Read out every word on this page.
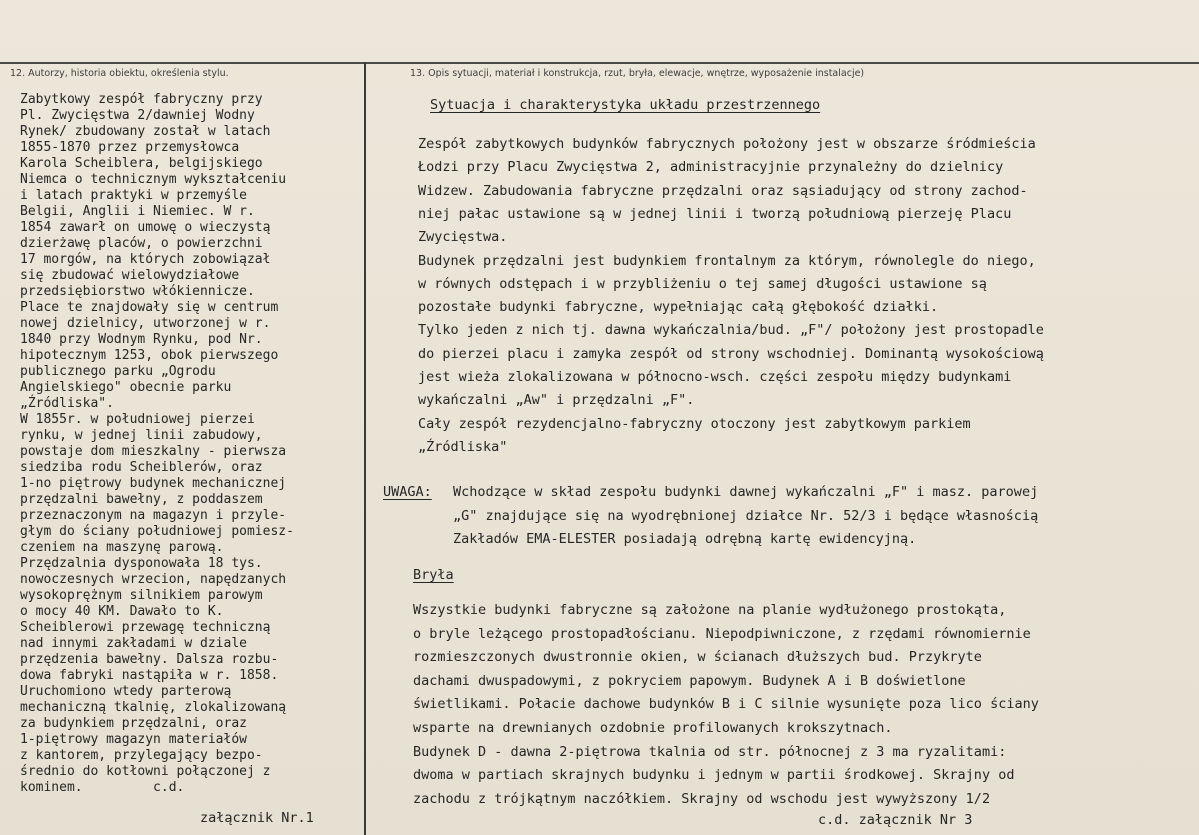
12. Autorzy, historia obiektu, określenia stylu.	13. Opis sytuacji, materiał i konstrukcja, rzut, bryła, elewacje, wnętrze, wyposażenie instalacje)
Zabytkowy zespół fabryczny przy
Pl. Zwycięstwa 2/dawniej Wodny
Rynek/ zbudowany został w latach
1855-1870 przez przemysłowca
Karola Scheiblera, belgijskiego
Niemca o technicznym wykształceniu
i latach praktyki w przemyśle
Belgii, Anglii i Niemiec. W r.
1854 zawarł on umowę o wieczystą
dzierżawę placów, o powierzchni
17 morgów, na których zobowiązał
się zbudować wielowydziałowe
przedsiębiorstwo włókiennicze.
Place te znajdowały się w centrum
nowej dzielnicy, utworzonej w r.
1840 przy Wodnym Rynku, pod Nr.
hipotecznym 1253, obok pierwszego
publicznego parku „Ogrodu
Angielskiego" obecnie parku
„Źródliska".
W 1855r. w południowej pierzei
rynku, w jednej linii zabudowy,
powstaje dom mieszkalny - pierwsza
siedziba rodu Scheiblerów, oraz
1-no piętrowy budynek mechanicznej
przędzalni bawełny, z poddaszem
przeznaczonym na magazyn i przyle-
głym do ściany południowej pomiesz-
czeniem na maszynę parową.
Przędzalnia dysponowała 18 tys.
nowoczesnych wrzecion, napędzanych
wysokoprężnym silnikiem parowym
o mocy 40 KM. Dawało to K.
Scheiblerowi przewagę techniczną
nad innymi zakładami w dziale
przędzenia bawełny. Dalsza rozbu-
dowa fabryki nastąpiła w r. 1858.
Uruchomiono wtedy parterową
mechaniczną tkalnię, zlokalizowaną
za budynkiem przędzalni, oraz
1-piętrowy magazyn materiałów
z kantorem, przylegający bezpo-
średnio do kotłowni połączonej z
kominem.         c.d.
załącznik Nr.1
Sytuacja i charakterystyka układu przestrzennego
Zespół zabytkowych budynków fabrycznych położony jest w obszarze śródmieścia
Łodzi przy Placu Zwycięstwa 2, administracyjnie przynależny do dzielnicy
Widzew. Zabudowania fabryczne przędzalni oraz sąsiadujący od strony zachod-
niej pałac ustawione są w jednej linii i tworzą południową pierzeję Placu
Zwycięstwa.
Budynek przędzalni jest budynkiem frontalnym za którym, równolegle do niego,
w równych odstępach i w przybliżeniu o tej samej długości ustawione są
pozostałe budynki fabryczne, wypełniając całą głębokość działki.
Tylko jeden z nich tj. dawna wykańczalnia/bud. „F"/ położony jest prostopadle
do pierzei placu i zamyka zespół od strony wschodniej. Dominantą wysokościową
jest wieża zlokalizowana w północno-wsch. części zespołu między budynkami
wykańczalni „Aw" i przędzalni „F".
Cały zespół rezydencjalno-fabryczny otoczony jest zabytkowym parkiem
„Źródliska"
UWAGA: Wchodzące w skład zespołu budynki dawnej wykańczalni „F" i masz. parowej
„G" znajdujące się na wyodrębnionej działce Nr. 52/3 i będące własnością
Zakładów EMA-ELESTER posiadają odrębną kartę ewidencyjną.
Bryła
Wszystkie budynki fabryczne są założone na planie wydłużonego prostokąta,
o bryle leżącego prostopadłościanu. Niepodpiwniczone, z rzędami równomiernie
rozmieszczonych dwustronnie okien, w ścianach dłuższych bud. Przykryte
dachami dwuspadowymi, z pokryciem papowym. Budynek A i B doświetlone
świetlikami. Połacie dachowe budynków B i C silnie wysunięte poza lico ściany
wsparte na drewnianych ozdobnie profilowanych krokszytnach.
Budynek D - dawna 2-piętrowa tkalnia od str. północnej z 3 ma ryzalitami:
dwoma w partiach skrajnych budynku i jednym w partii środkowej. Skrajny od
zachodu z trójkątnym naczółkiem. Skrajny od wschodu jest wywyższony 1/2
c.d. załącznik Nr 3
